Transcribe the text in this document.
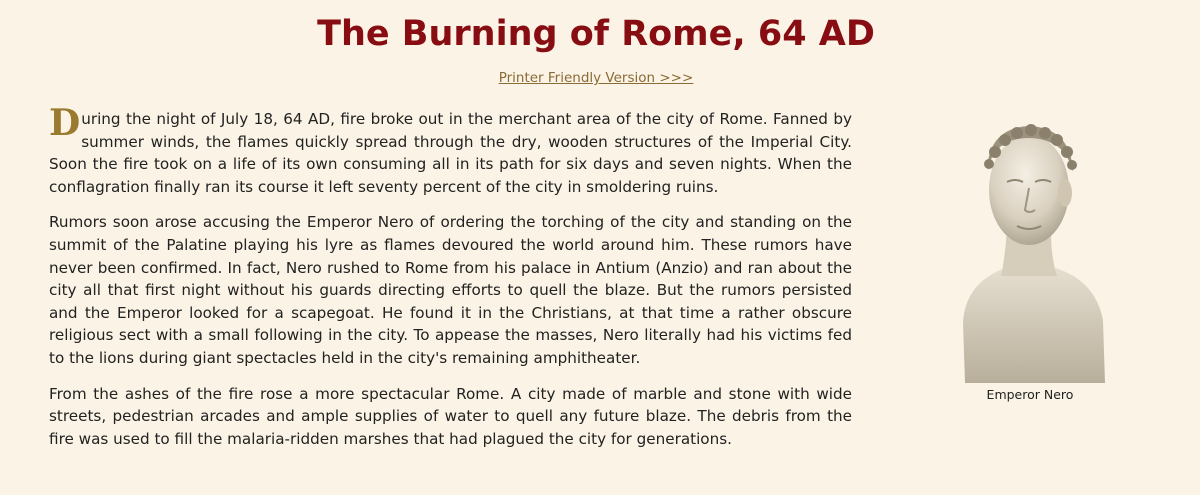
The Burning of Rome, 64 AD
Printer Friendly Version >>>
Emperor Nero

During the night of July 18, 64 AD, fire broke out in the merchant area of the city of Rome. Fanned by summer winds, the flames quickly spread through the dry, wooden structures of the Imperial City. Soon the fire took on a life of its own consuming all in its path for six days and seven nights. When the conflagration finally ran its course it left seventy percent of the city in smoldering ruins.

Rumors soon arose accusing the Emperor Nero of ordering the torching of the city and standing on the summit of the Palatine playing his lyre as flames devoured the world around him. These rumors have never been confirmed. In fact, Nero rushed to Rome from his palace in Antium (Anzio) and ran about the city all that first night without his guards directing efforts to quell the blaze. But the rumors persisted and the Emperor looked for a scapegoat. He found it in the Christians, at that time a rather obscure religious sect with a small following in the city. To appease the masses, Nero literally had his victims fed to the lions during giant spectacles held in the city's remaining amphitheater.

From the ashes of the fire rose a more spectacular Rome. A city made of marble and stone with wide streets, pedestrian arcades and ample supplies of water to quell any future blaze. The debris from the fire was used to fill the malaria-ridden marshes that had plagued the city for generations.
